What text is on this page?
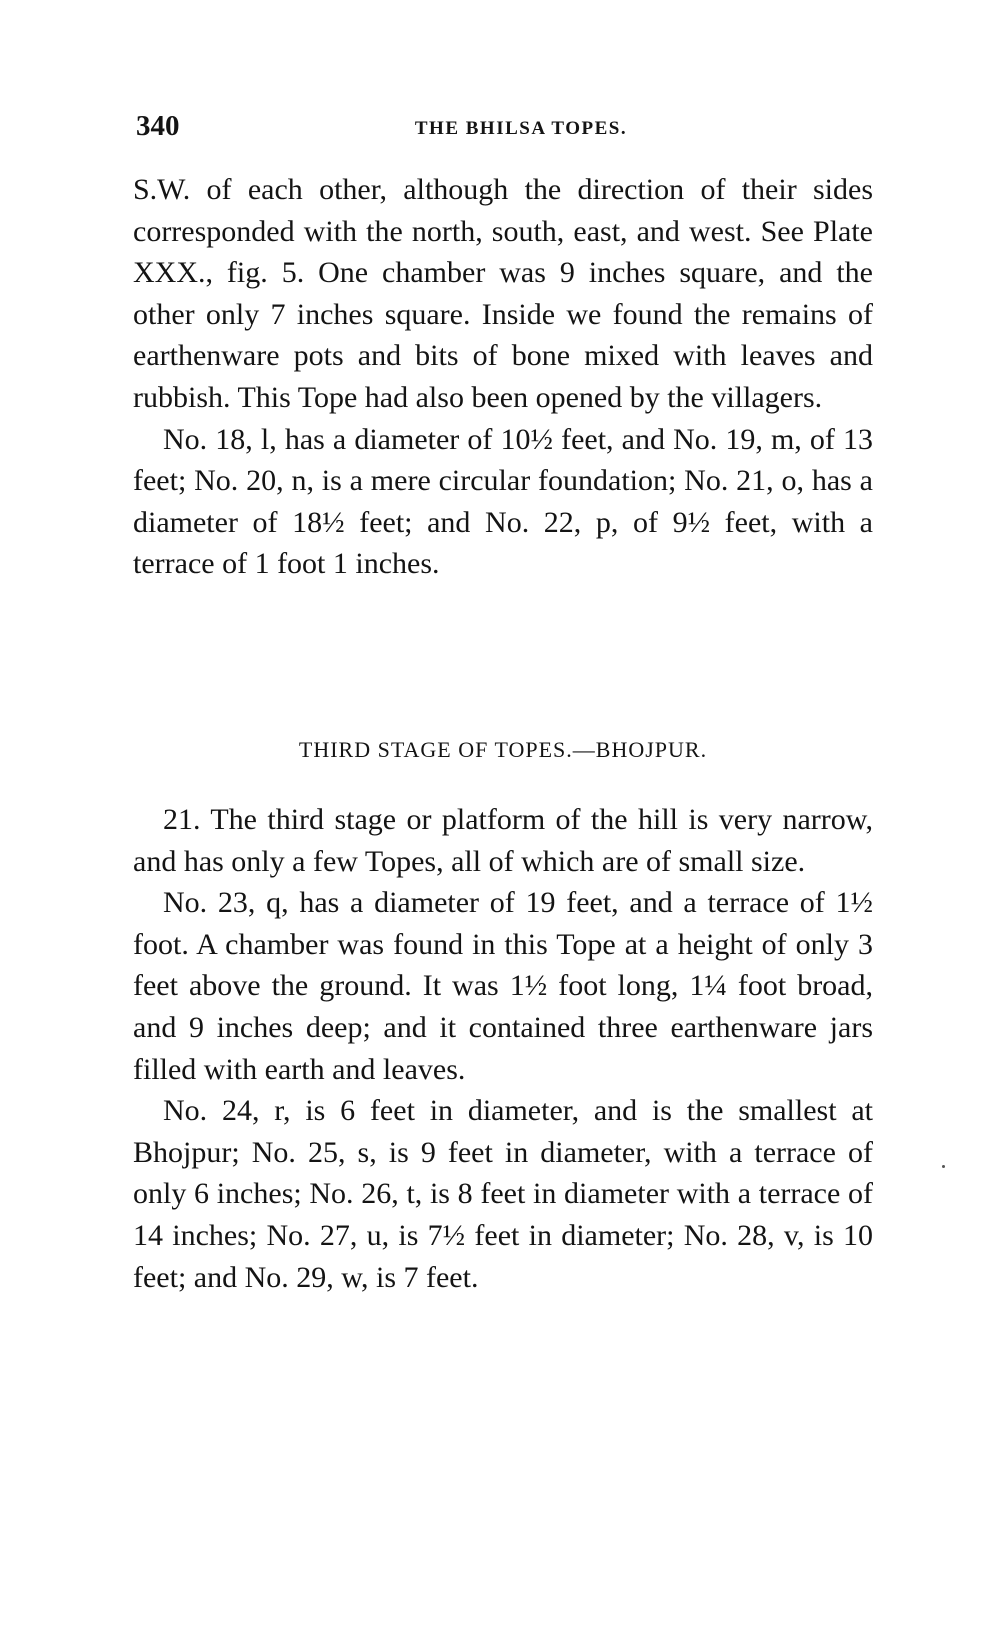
340	THE BHILSA TOPES.

S.W. of each other, although the direction of their sides corresponded with the north, south, east, and west. See Plate XXX., fig. 5. One chamber was 9 inches square, and the other only 7 inches square. Inside we found the remains of earthenware pots and bits of bone mixed with leaves and rubbish. This Tope had also been opened by the villagers.

No. 18, l, has a diameter of 10½ feet, and No. 19, m, of 13 feet; No. 20, n, is a mere circular foundation; No. 21, o, has a diameter of 18½ feet; and No. 22, p, of 9½ feet, with a terrace of 1 foot 1 inches.

THIRD STAGE OF TOPES.—BHOJPUR.

21. The third stage or platform of the hill is very narrow, and has only a few Topes, all of which are of small size.

No. 23, q, has a diameter of 19 feet, and a terrace of 1½ foot. A chamber was found in this Tope at a height of only 3 feet above the ground. It was 1½ foot long, 1¼ foot broad, and 9 inches deep; and it contained three earthenware jars filled with earth and leaves.

No. 24, r, is 6 feet in diameter, and is the smallest at Bhojpur; No. 25, s, is 9 feet in diameter, with a terrace of only 6 inches; No. 26, t, is 8 feet in diameter with a terrace of 14 inches; No. 27, u, is 7½ feet in diameter; No. 28, v, is 10 feet; and No. 29, w, is 7 feet.
